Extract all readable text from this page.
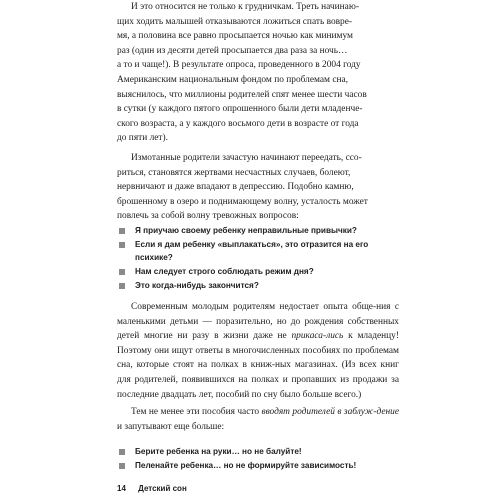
И это относится не только к грудничкам. Треть начинаю-
щих ходить малышей отказываются ложиться спать вовре-
мя, а половина все равно просыпается ночью как минимум
раз (один из десяти детей просыпается два раза за ночь…
а то и чаще!). В результате опроса, проведенного в 2004 году
Американским национальным фондом по проблемам сна,
выяснилось, что миллионы родителей спят менее шести часов
в сутки (у каждого пятого опрошенного были дети младенче-
ского возраста, а у каждого восьмого дети в возрасте от года
до пяти лет).
Измотанные родители зачастую начинают переедать, ссо-
риться, становятся жертвами несчастных случаев, болеют,
нервничают и даже впадают в депрессию. Подобно камню,
брошенному в озеро и поднимающему волну, усталость может
повлечь за собой волну тревожных вопросов:
Я приучаю своему ребенку неправильные привычки?
Если я дам ребенку «выплакаться», это отразится на его психике?
Нам следует строго соблюдать режим дня?
Это когда-нибудь закончится?

Современным молодым родителям недостает опыта обще-ния с маленькими детьми — поразительно, но до рождения собственных детей многие ни разу в жизни даже не прикаса-лись к младенцу! Поэтому они ищут ответы в многочисленных пособиях по проблемам сна, которые стоят на полках в книж-ных магазинах. (Из всех книг для родителей, появившихся на полках и пропавших из продажи за последние двадцать лет, пособий по сну было больше всего.)

Тем не менее эти пособия часто вводят родителей в заблуж-дение и запутывают еще больше:

Берите ребенка на руки… но не балуйте!
Пеленайте ребенка… но не формируйте зависимость!
14 Детский сон
